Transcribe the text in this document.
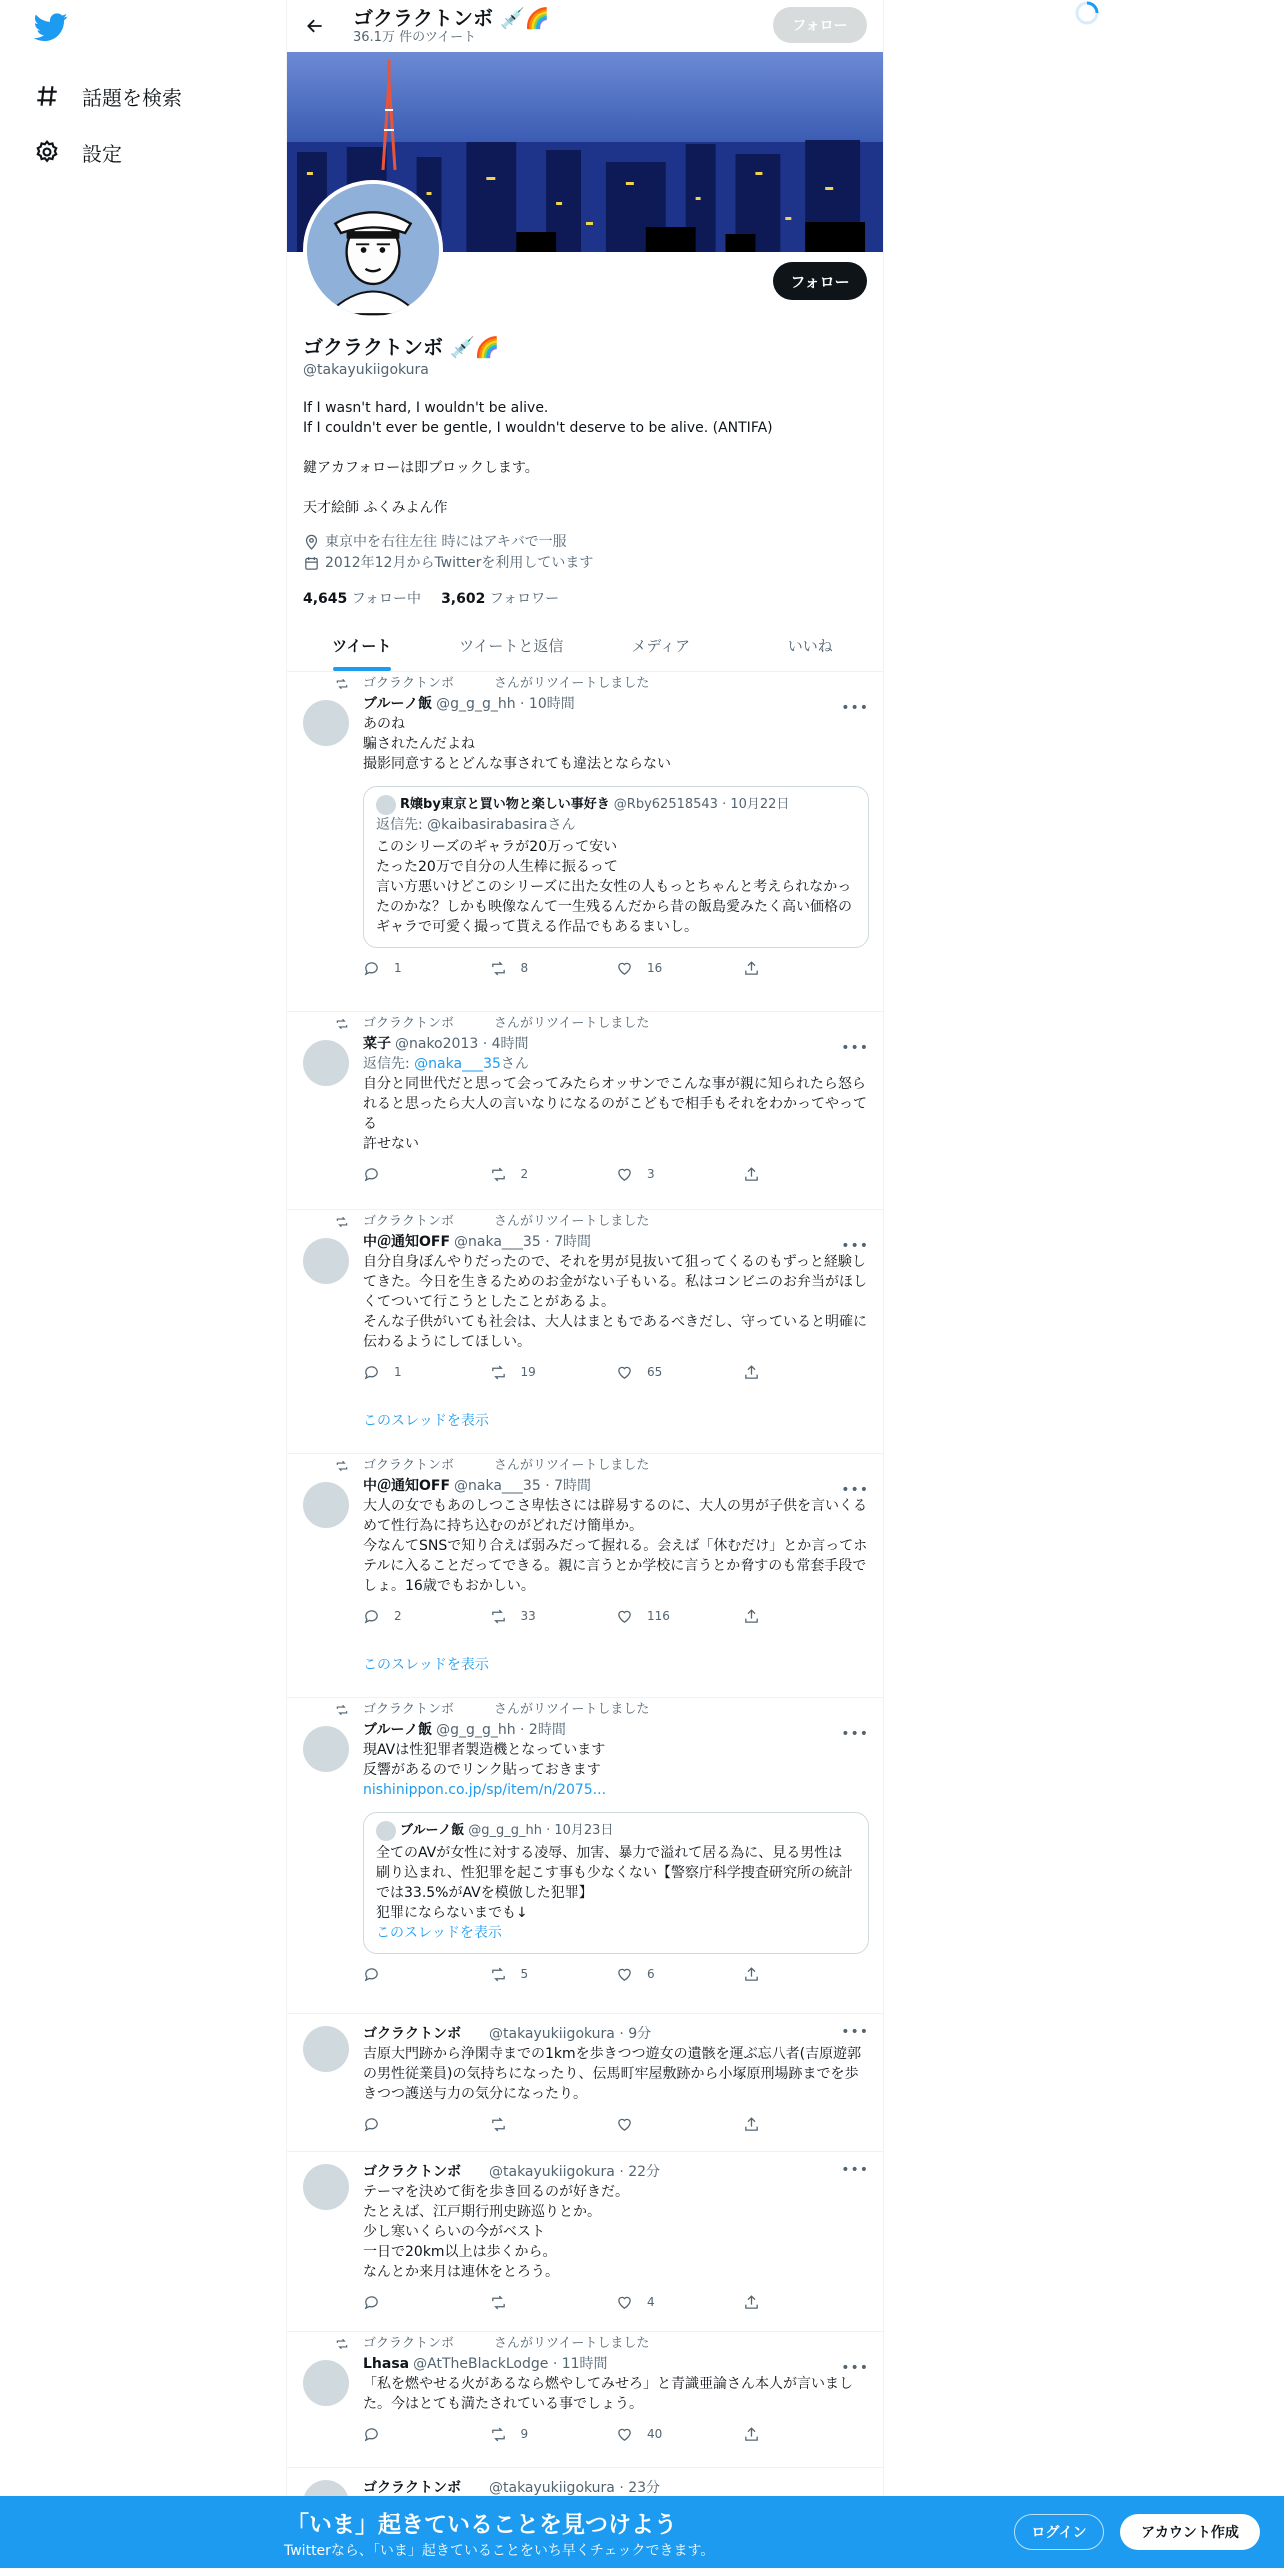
話題を検索
設定
ゴクラクトンボ 💉🌈
36.1万 件のツイート
フォロー
フォロー
ゴクラクトンボ 💉🌈
@takayukiigokura
If I wasn't hard, I wouldn't be alive.
If I couldn't ever be gentle, I wouldn't deserve to be alive. (ANTIFA)

鍵アカフォローは即ブロックします。

天才絵師 ふくみよん作
東京中を右往左往 時にはアキバで一服
2012年12月からTwitterを利用しています
4,645 フォロー中 3,602 フォロワー
ツイート	ツイートと返信	メディア	いいね
ゴクラクトンボ	さんがリツイートしました
•••
ブルーノ飯 @g_g_g_hh · 10時間
あのね
騙されたんだよね
撮影同意するとどんな事されても違法とならない
R嬢by東京と買い物と楽しい事好き @Rby62518543 · 10月22日
返信先: @kaibasirabasiraさん
このシリーズのギャラが20万って安い
たった20万で自分の人生棒に振るって
言い方悪いけどこのシリーズに出た女性の人もっとちゃんと考えられなかったのかな？しかも映像なんて一生残るんだから昔の飯島愛みたく高い価格のギャラで可愛く撮って貰える作品でもあるまいし。
1	8	16
ゴクラクトンボ	さんがリツイートしました
•••
菜子 @nako2013 · 4時間
返信先: @naka___35さん
自分と同世代だと思って会ってみたらオッサンでこんな事が親に知られたら怒られると思ったら大人の言いなりになるのがこどもで相手もそれをわかってやってる
許せない
2	3
ゴクラクトンボ	さんがリツイートしました
•••
中＠通知OFF @naka___35 · 7時間
自分自身ぼんやりだったので、それを男が見抜いて狙ってくるのもずっと経験してきた。今日を生きるためのお金がない子もいる。私はコンビニのお弁当がほしくてついて行こうとしたことがあるよ。
そんな子供がいても社会は、大人はまともであるべきだし、守っていると明確に伝わるようにしてほしい。
1	19	65
このスレッドを表示
ゴクラクトンボ	さんがリツイートしました
•••
中＠通知OFF @naka___35 · 7時間
大人の女でもあのしつこさ卑怯さには辟易するのに、大人の男が子供を言いくるめて性行為に持ち込むのがどれだけ簡単か。
今なんてSNSで知り合えば弱みだって握れる。会えば「休むだけ」とか言ってホテルに入ることだってできる。親に言うとか学校に言うとか脅すのも常套手段でしょ。16歳でもおかしい。
2	33	116
このスレッドを表示
ゴクラクトンボ	さんがリツイートしました
•••
ブルーノ飯 @g_g_g_hh · 2時間
現AVは性犯罪者製造機となっています
反響があるのでリンク貼っておきます
nishinippon.co.jp/sp/item/n/2075...
ブルーノ飯 @g_g_g_hh · 10月23日
全てのAVが女性に対する凌辱、加害、暴力で溢れて居る為に、見る男性は刷り込まれ、性犯罪を起こす事も少なくない【警察庁科学捜査研究所の統計では33.5%がAVを模倣した犯罪】
犯罪にならないまでも↓
このスレッドを表示
5	6
•••
ゴクラクトンボ @takayukiigokura · 9分
吉原大門跡から浄閑寺までの1kmを歩きつつ遊女の遺骸を運ぶ忘八者(吉原遊郭の男性従業員)の気持ちになったり、伝馬町牢屋敷跡から小塚原刑場跡までを歩きつつ護送与力の気分になったり。
•••
ゴクラクトンボ @takayukiigokura · 22分
テーマを決めて街を歩き回るのが好きだ。
たとえば、江戸期行刑史跡巡りとか。
少し寒いくらいの今がベスト
一日で20km以上は歩くから。
なんとか来月は連休をとろう。
4
ゴクラクトンボ	さんがリツイートしました
•••
Lhasa @AtTheBlackLodge · 11時間
「私を燃やせる火があるなら燃やしてみせろ」と青識亜論さん本人が言いました。今はとても満たされている事でしょう。
9	40
ゴクラクトンボ @takayukiigokura · 23分
「いま」起きていることを見つけよう
Twitterなら、「いま」起きていることをいち早くチェックできます。
ログイン	アカウント作成
